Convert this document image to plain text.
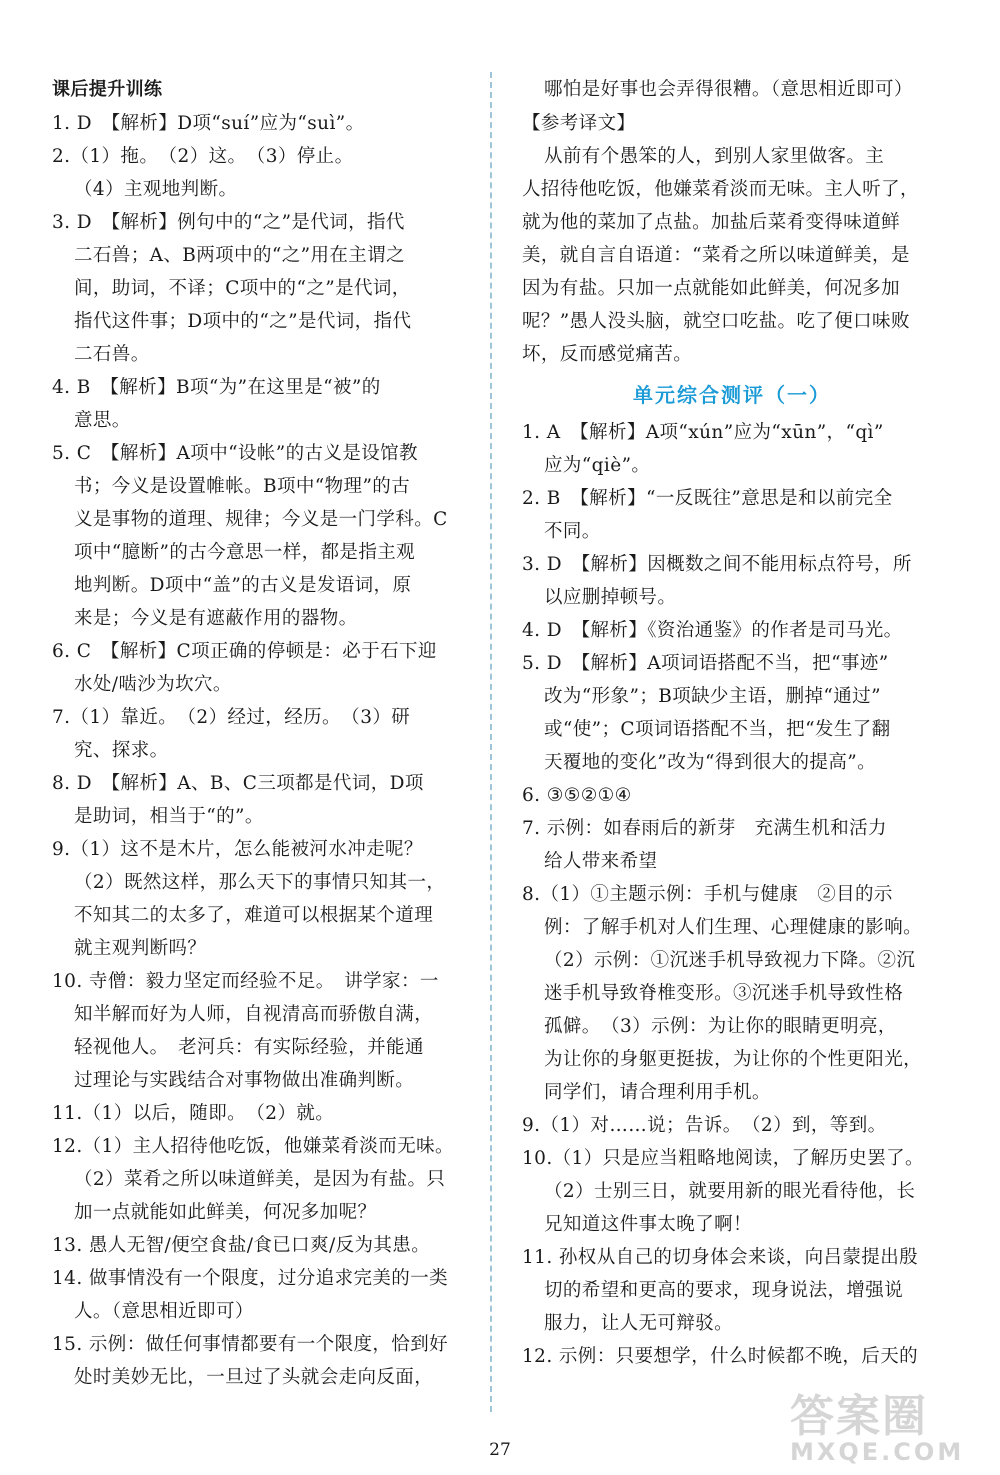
课后提升训练
1. D　【解析】D项“suí”应为“suì”。
2.（1）拖。　（2）这。　（3）停止。
（4）主观地判断。
3. D　【解析】例句中的“之”是代词，指代
二石兽；A、B两项中的“之”用在主谓之
间，助词，不译；C项中的“之”是代词，
指代这件事；D项中的“之”是代词，指代
二石兽。
4. B　【解析】B项“为”在这里是“被”的
意思。
5. C　【解析】A项中“设帐”的古义是设馆教
书；今义是设置帷帐。B项中“物理”的古
义是事物的道理、规律；今义是一门学科。C
项中“臆断”的古今意思一样，都是指主观
地判断。D项中“盖”的古义是发语词，原
来是；今义是有遮蔽作用的器物。
6. C　【解析】C项正确的停顿是：必于石下迎
水处/啮沙为坎穴。
7.（1）靠近。　（2）经过，经历。　（3）研
究、探求。
8. D　【解析】A、B、C三项都是代词，D项
是助词，相当于“的”。
9.（1）这不是木片，怎么能被河水冲走呢？
（2）既然这样，那么天下的事情只知其一，
不知其二的太多了，难道可以根据某个道理
就主观判断吗？
10. 寺僧：毅力坚定而经验不足。　讲学家：一
知半解而好为人师，自视清高而骄傲自满，
轻视他人。　老河兵：有实际经验，并能通
过理论与实践结合对事物做出准确判断。
11.（1）以后，随即。　（2）就。
12.（1）主人招待他吃饭，他嫌菜肴淡而无味。
（2）菜肴之所以味道鲜美，是因为有盐。只
加一点就能如此鲜美，何况多加呢？
13. 愚人无智/便空食盐/食已口爽/反为其患。
14. 做事情没有一个限度，过分追求完美的一类
人。（意思相近即可）
15. 示例：做任何事情都要有一个限度，恰到好
处时美妙无比，一旦过了头就会走向反面，
哪怕是好事也会弄得很糟。（意思相近即可）
【参考译文】
从前有个愚笨的人，到别人家里做客。主
人招待他吃饭，他嫌菜肴淡而无味。主人听了，
就为他的菜加了点盐。加盐后菜肴变得味道鲜
美，就自言自语道：“菜肴之所以味道鲜美，是
因为有盐。只加一点就能如此鲜美，何况多加
呢？”愚人没头脑，就空口吃盐。吃了便口味败
坏，反而感觉痛苦。
单元综合测评（一）
1. A　【解析】A项“xún”应为“xūn”，“qì”
应为“qiè”。
2. B　【解析】“一反既往”意思是和以前完全
不同。
3. D　【解析】因概数之间不能用标点符号，所
以应删掉顿号。
4. D　【解析】《资治通鉴》的作者是司马光。
5. D　【解析】A项词语搭配不当，把“事迹”
改为“形象”；B项缺少主语，删掉“通过”
或“使”；C项词语搭配不当，把“发生了翻
天覆地的变化”改为“得到很大的提高”。
6. ③⑤②①④
7. 示例：如春雨后的新芽　充满生机和活力
给人带来希望
8.（1）①主题示例：手机与健康　②目的示
例：了解手机对人们生理、心理健康的影响。
（2）示例：①沉迷手机导致视力下降。②沉
迷手机导致脊椎变形。③沉迷手机导致性格
孤僻。　（3）示例：为让你的眼睛更明亮，
为让你的身躯更挺拔，为让你的个性更阳光，
同学们，请合理利用手机。
9.（1）对……说；告诉。　（2）到，等到。
10.（1）只是应当粗略地阅读，了解历史罢了。
（2）士别三日，就要用新的眼光看待他，长
兄知道这件事太晚了啊！
11. 孙权从自己的切身体会来谈，向吕蒙提出殷
切的希望和更高的要求，现身说法，增强说
服力，让人无可辩驳。
12. 示例：只要想学，什么时候都不晚，后天的
27
答案圈
MXQE.COM
